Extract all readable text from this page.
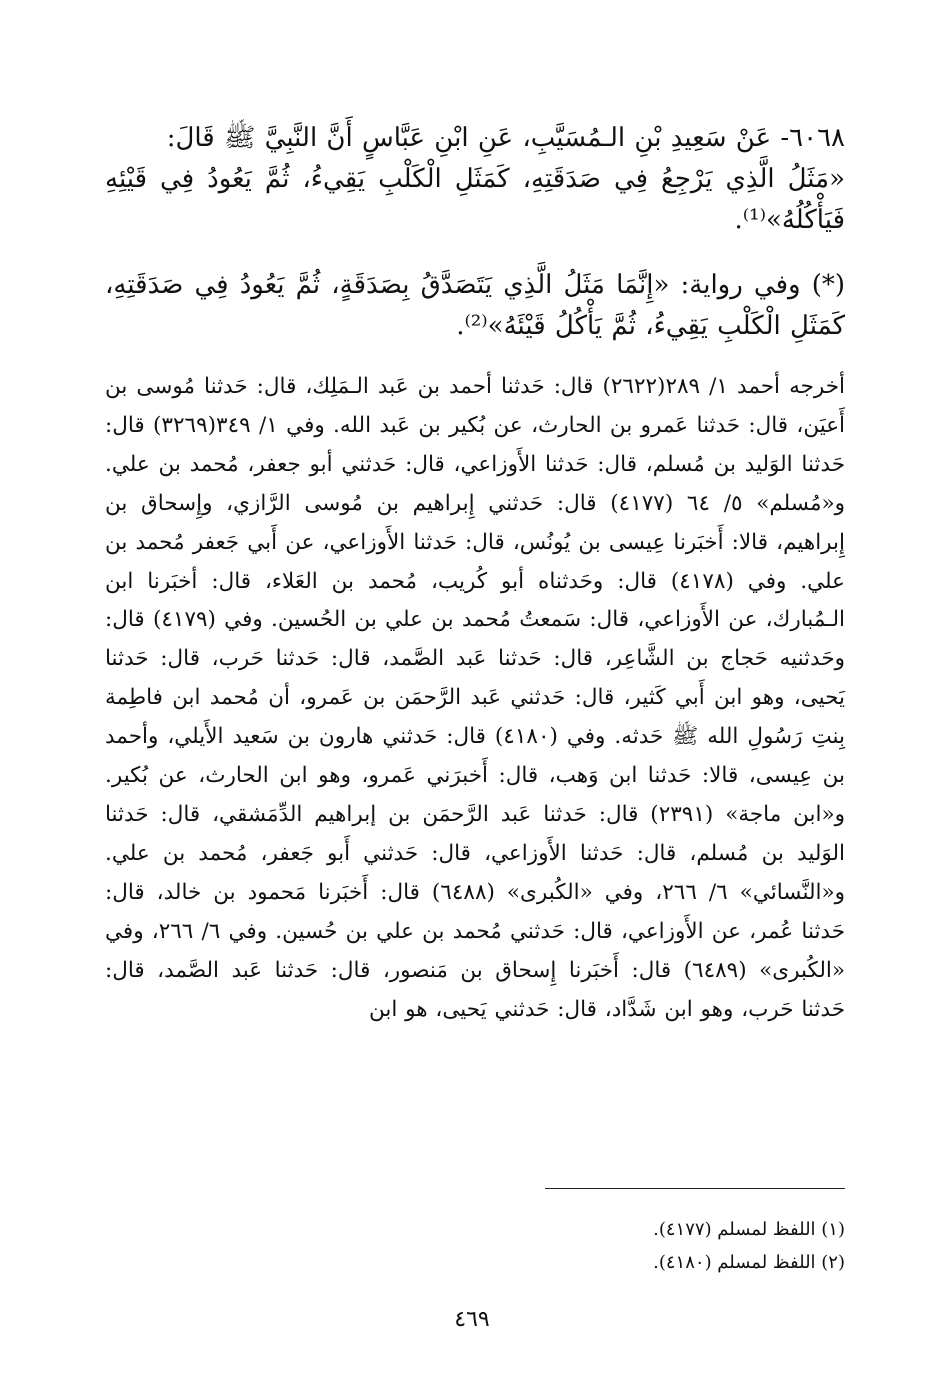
٦٠٦٨- عَنْ سَعِيدِ بْنِ الـمُسَيَّبِ، عَنِ ابْنِ عَبَّاسٍ أَنَّ النَّبِيَّ ﷺ قَالَ:

«مَثَلُ الَّذِي يَرْجِعُ فِي صَدَقَتِهِ، كَمَثَلِ الْكَلْبِ يَقِيءُ، ثُمَّ يَعُودُ فِي قَيْئِهِ فَيَأْكُلُهُ»⁽¹⁾.

(*) وفي رواية: «إِنَّمَا مَثَلُ الَّذِي يَتَصَدَّقُ بِصَدَقَةٍ، ثُمَّ يَعُودُ فِي صَدَقَتِهِ، كَمَثَلِ الْكَلْبِ يَقِيءُ، ثُمَّ يَأْكُلُ قَيْئَهُ»⁽²⁾.

أخرجه أحمد ١/ ٢٨٩(٢٦٢٢) قال: حَدثنا أحمد بن عَبد الـمَلِك، قال: حَدثنا مُوسى بن أَعيَن، قال: حَدثنا عَمرو بن الحارث، عن بُكير بن عَبد الله. وفي ١/ ٣٤٩(٣٢٦٩) قال: حَدثنا الوَليد بن مُسلم، قال: حَدثنا الأَوزاعي، قال: حَدثني أبو جعفر، مُحمد بن علي. و«مُسلم» ٥/ ٦٤ (٤١٧٧) قال: حَدثني إِبراهيم بن مُوسى الرَّازي، وإِسحاق بن إِبراهيم، قالا: أَخبَرنا عِيسى بن يُونُس، قال: حَدثنا الأَوزاعي، عن أَبي جَعفر مُحمد بن علي. وفي (٤١٧٨) قال: وحَدثناه أبو كُريب، مُحمد بن العَلاء، قال: أخبَرنا ابن الـمُبارك، عن الأَوزاعي، قال: سَمعتُ مُحمد بن علي بن الحُسين. وفي (٤١٧٩) قال: وحَدثنيه حَجاج بن الشَّاعِر، قال: حَدثنا عَبد الصَّمد، قال: حَدثنا حَرب، قال: حَدثنا يَحيى، وهو ابن أَبي كَثير، قال: حَدثني عَبد الرَّحمَن بن عَمرو، أن مُحمد ابن فاطِمة بِنتِ رَسُولِ الله ﷺ حَدثه. وفي (٤١٨٠) قال: حَدثني هارون بن سَعيد الأَيلي، وأحمد بن عِيسى، قالا: حَدثنا ابن وَهب، قال: أَخبرَني عَمرو، وهو ابن الحارث، عن بُكير. و«ابن ماجة» (٢٣٩١) قال: حَدثنا عَبد الرَّحمَن بن إبراهيم الدِّمَشقي، قال: حَدثنا الوَليد بن مُسلم، قال: حَدثنا الأَوزاعي، قال: حَدثني أَبو جَعفر، مُحمد بن علي. و«النَّسائي» ٦/ ٢٦٦، وفي «الكُبرى» (٦٤٨٨) قال: أَخبَرنا مَحمود بن خالد، قال: حَدثنا عُمر، عن الأَوزاعي، قال: حَدثني مُحمد بن علي بن حُسين. وفي ٦/ ٢٦٦، وفي «الكُبرى» (٦٤٨٩) قال: أَخبَرنا إِسحاق بن مَنصور، قال: حَدثنا عَبد الصَّمد، قال: حَدثنا حَرب، وهو ابن شَدَّاد، قال: حَدثني يَحيى، هو ابن

(١) اللفظ لمسلم (٤١٧٧).
(٢) اللفظ لمسلم (٤١٨٠).
٤٦٩
